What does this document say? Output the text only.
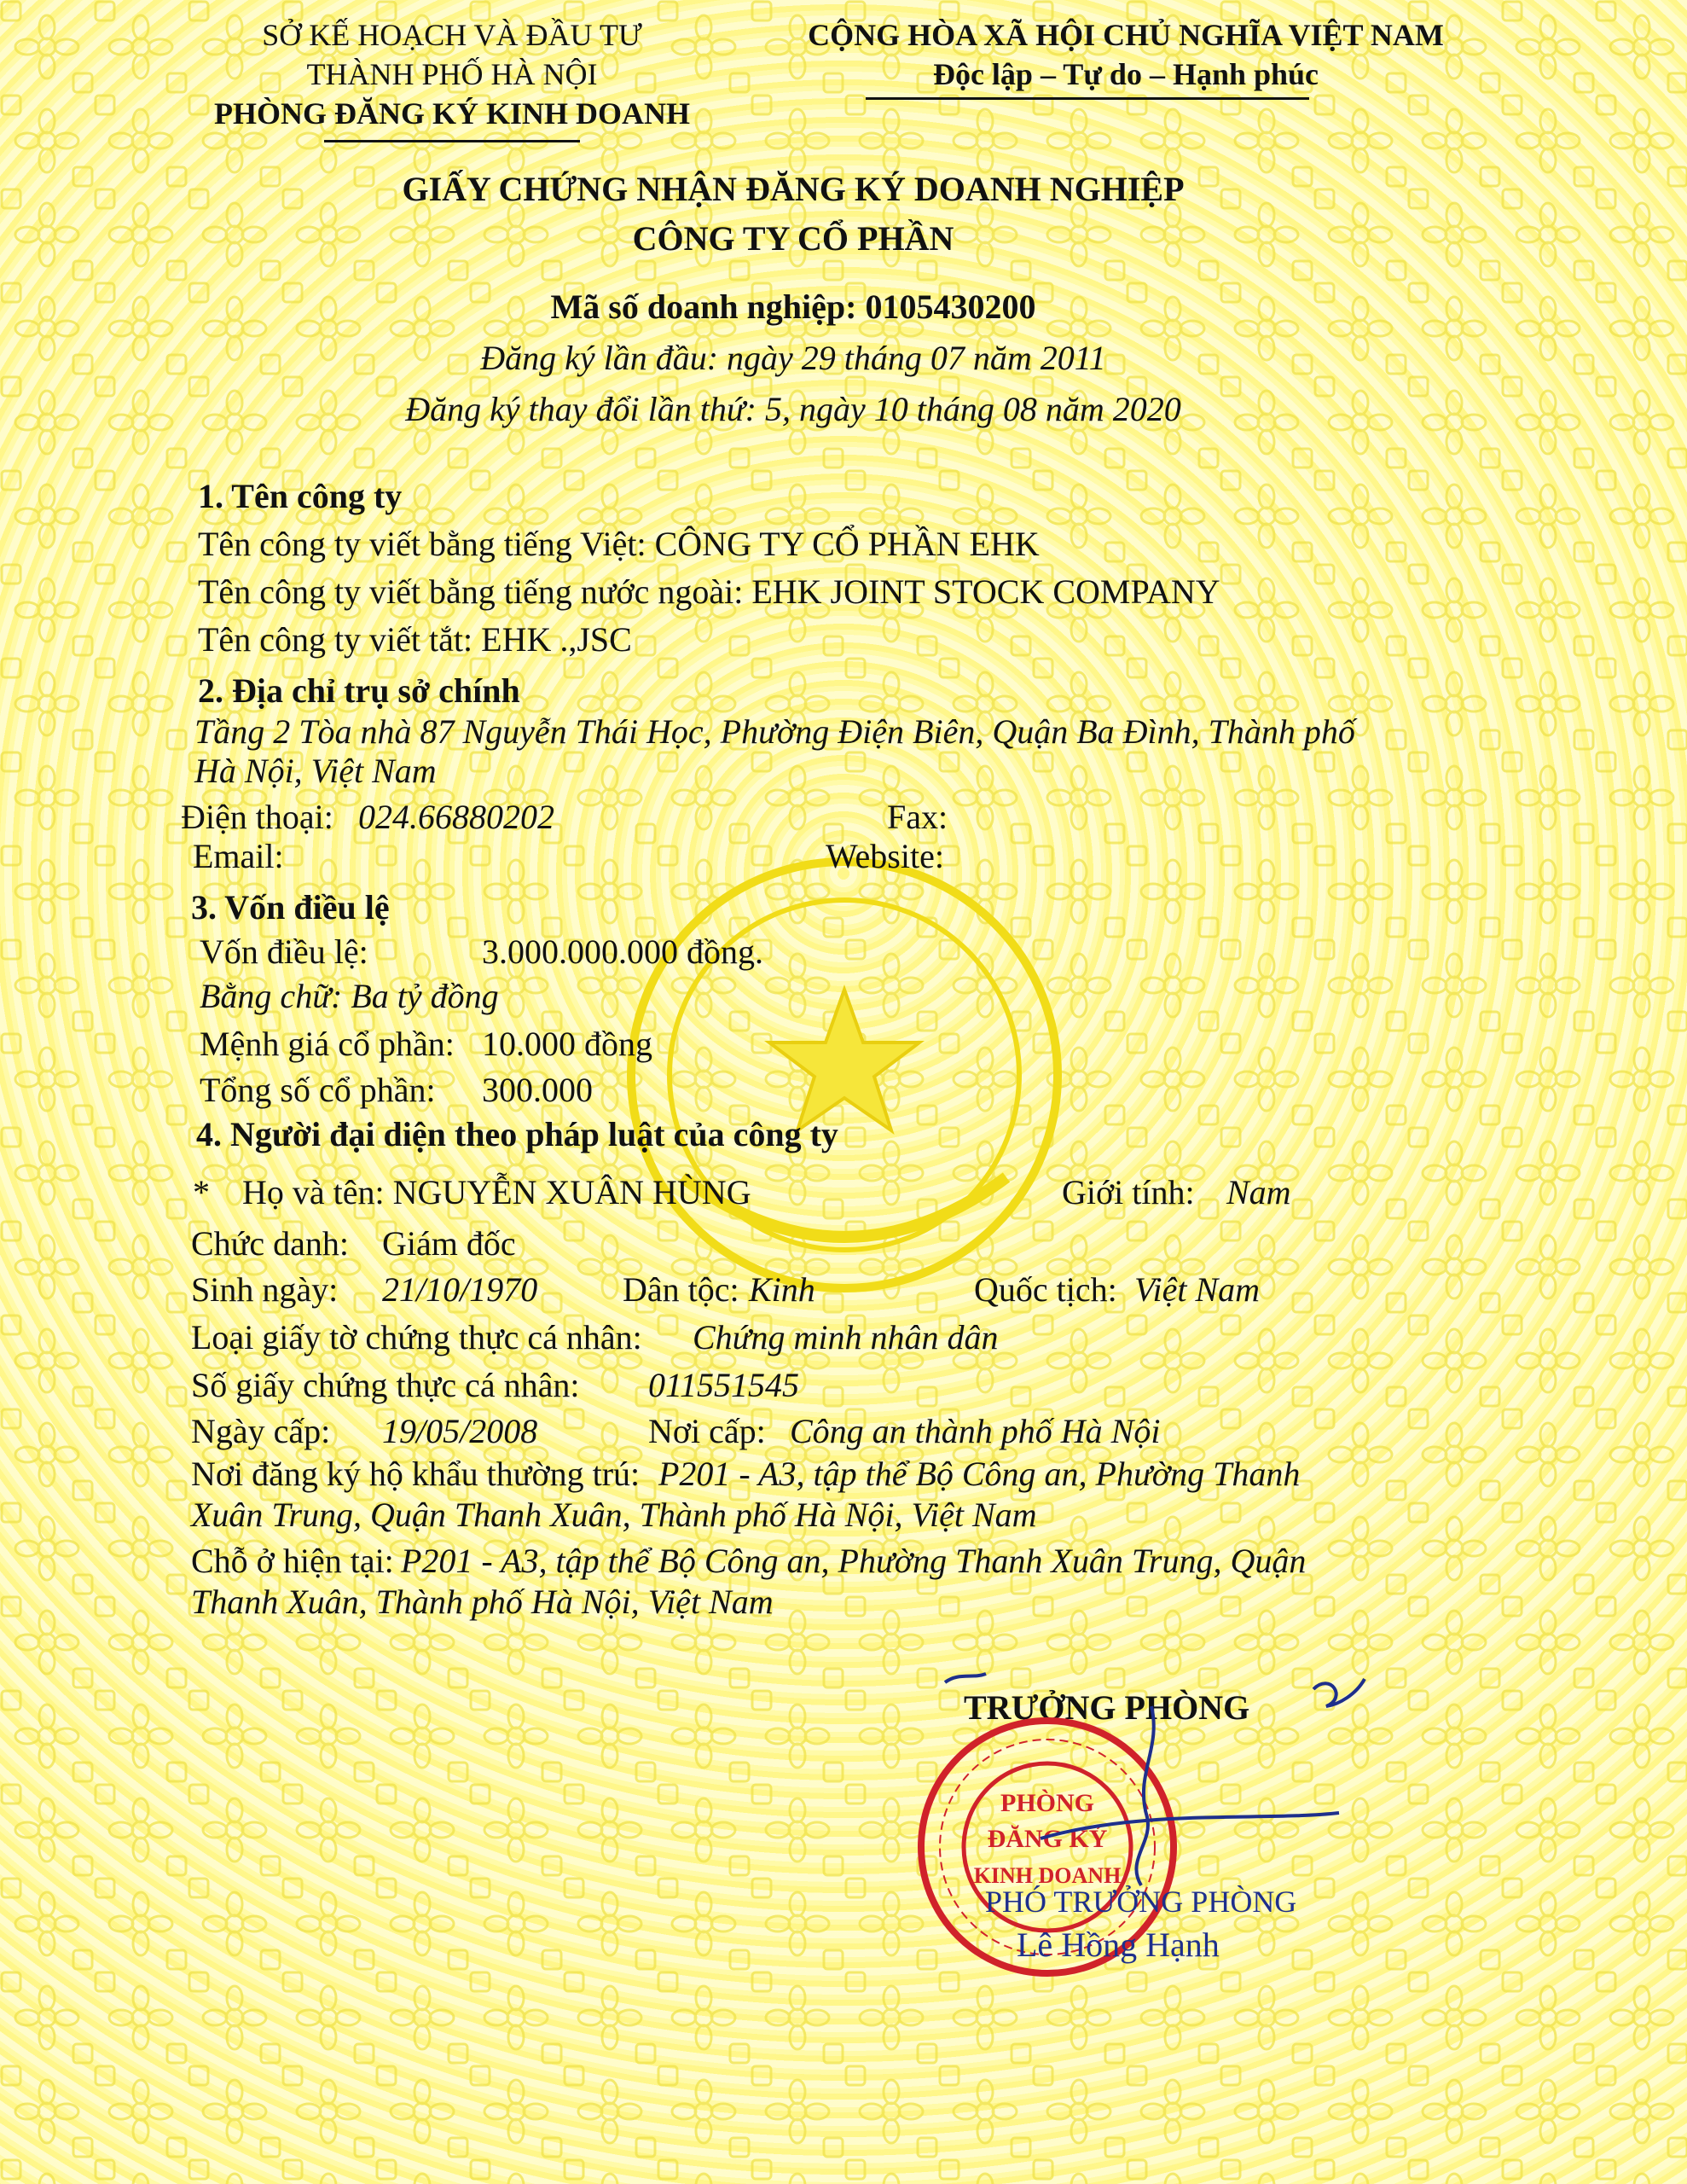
SỞ KẾ HOẠCH VÀ ĐẦU TƯ
THÀNH PHỐ HÀ NỘI
PHÒNG ĐĂNG KÝ KINH DOANH
CỘNG HÒA XÃ HỘI CHỦ NGHĨA VIỆT NAM
Độc lập – Tự do – Hạnh phúc
GIẤY CHỨNG NHẬN ĐĂNG KÝ DOANH NGHIỆP
CÔNG TY CỔ PHẦN
Mã số doanh nghiệp: 0105430200
Đăng ký lần đầu: ngày 29 tháng 07 năm 2011
Đăng ký thay đổi lần thứ: 5, ngày 10 tháng 08 năm 2020
1. Tên công ty
Tên công ty viết bằng tiếng Việt: CÔNG TY CỔ PHẦN EHK
Tên công ty viết bằng tiếng nước ngoài: EHK JOINT STOCK COMPANY
Tên công ty viết tắt: EHK .,JSC
2. Địa chỉ trụ sở chính
Tầng 2 Tòa nhà 87 Nguyễn Thái Học, Phường Điện Biên, Quận Ba Đình, Thành phố
Hà Nội, Việt Nam
Điện thoại: 024.66880202	Fax:
Email:	Website:
3. Vốn điều lệ
Vốn điều lệ:	3.000.000.000 đồng.
Bằng chữ: Ba tỷ đồng
Mệnh giá cổ phần: 10.000 đồng
Tổng số cổ phần: 300.000
4. Người đại diện theo pháp luật của công ty
* Họ và tên: NGUYỄN XUÂN HÙNG	Giới tính: Nam
Chức danh: Giám đốc
Sinh ngày: 21/10/1970 Dân tộc: Kinh	Quốc tịch: Việt Nam
Loại giấy tờ chứng thực cá nhân: Chứng minh nhân dân
Số giấy chứng thực cá nhân: 011551545
Ngày cấp: 19/05/2008	Nơi cấp: Công an thành phố Hà Nội
Nơi đăng ký hộ khẩu thường trú: P201 - A3, tập thể Bộ Công an, Phường Thanh
Xuân Trung, Quận Thanh Xuân, Thành phố Hà Nội, Việt Nam
Chỗ ở hiện tại: P201 - A3, tập thể Bộ Công an, Phường Thanh Xuân Trung, Quận
Thanh Xuân, Thành phố Hà Nội, Việt Nam
TRƯỞNG PHÒNG
PHÒNG
ĐĂNG KÝ
KINH DOANH
PHÓ TRƯỞNG PHÒNG
Lê Hồng Hạnh
